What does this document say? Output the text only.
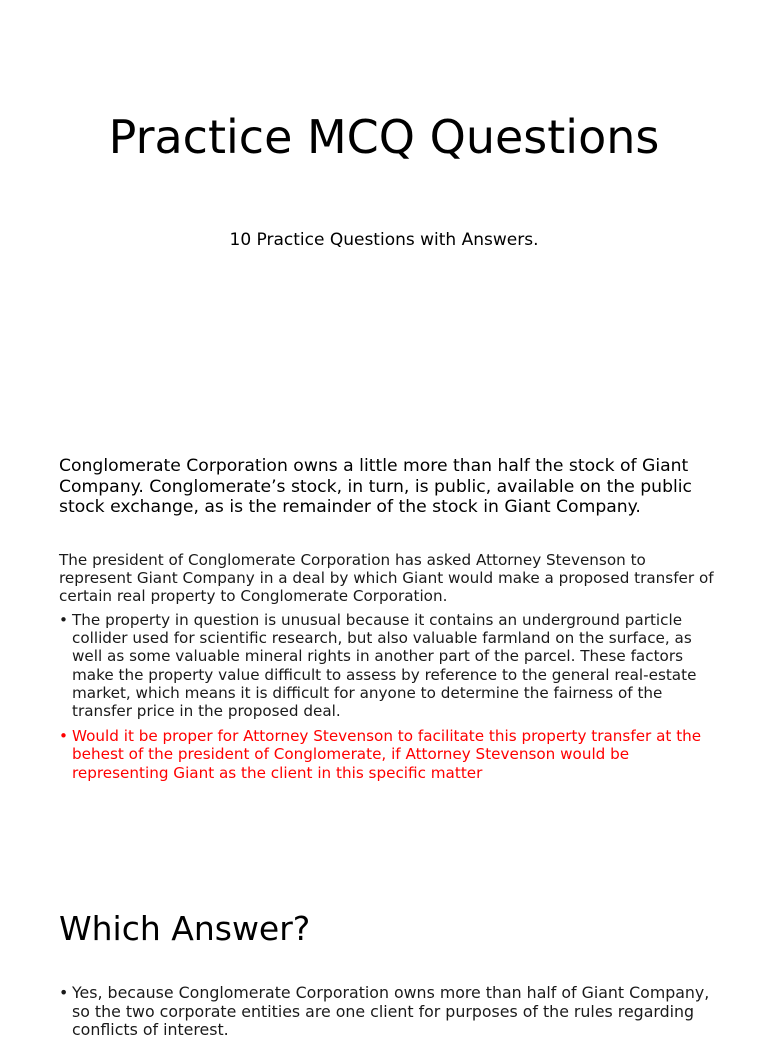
Practice MCQ Questions

10 Practice Questions with Answers.

Conglomerate Corporation owns a little more than half the stock of Giant Company. Conglomerate’s stock, in turn, is public, available on the public stock exchange, as is the remainder of the stock in Giant Company.

The president of Conglomerate Corporation has asked Attorney Stevenson to represent Giant Company in a deal by which Giant would make a proposed transfer of certain real property to Conglomerate Corporation.

• The property in question is unusual because it contains an underground particle collider used for scientific research, but also valuable farmland on the surface, as well as some valuable mineral rights in another part of the parcel. These factors make the property value difficult to assess by reference to the general real-estate market, which means it is difficult for anyone to determine the fairness of the transfer price in the proposed deal.
• Would it be proper for Attorney Stevenson to facilitate this property transfer at the behest of the president of Conglomerate, if Attorney Stevenson would be representing Giant as the client in this specific matter
Which Answer?
• Yes, because Conglomerate Corporation owns more than half of Giant Company, so the two corporate entities are one client for purposes of the rules regarding conflicts of interest.
